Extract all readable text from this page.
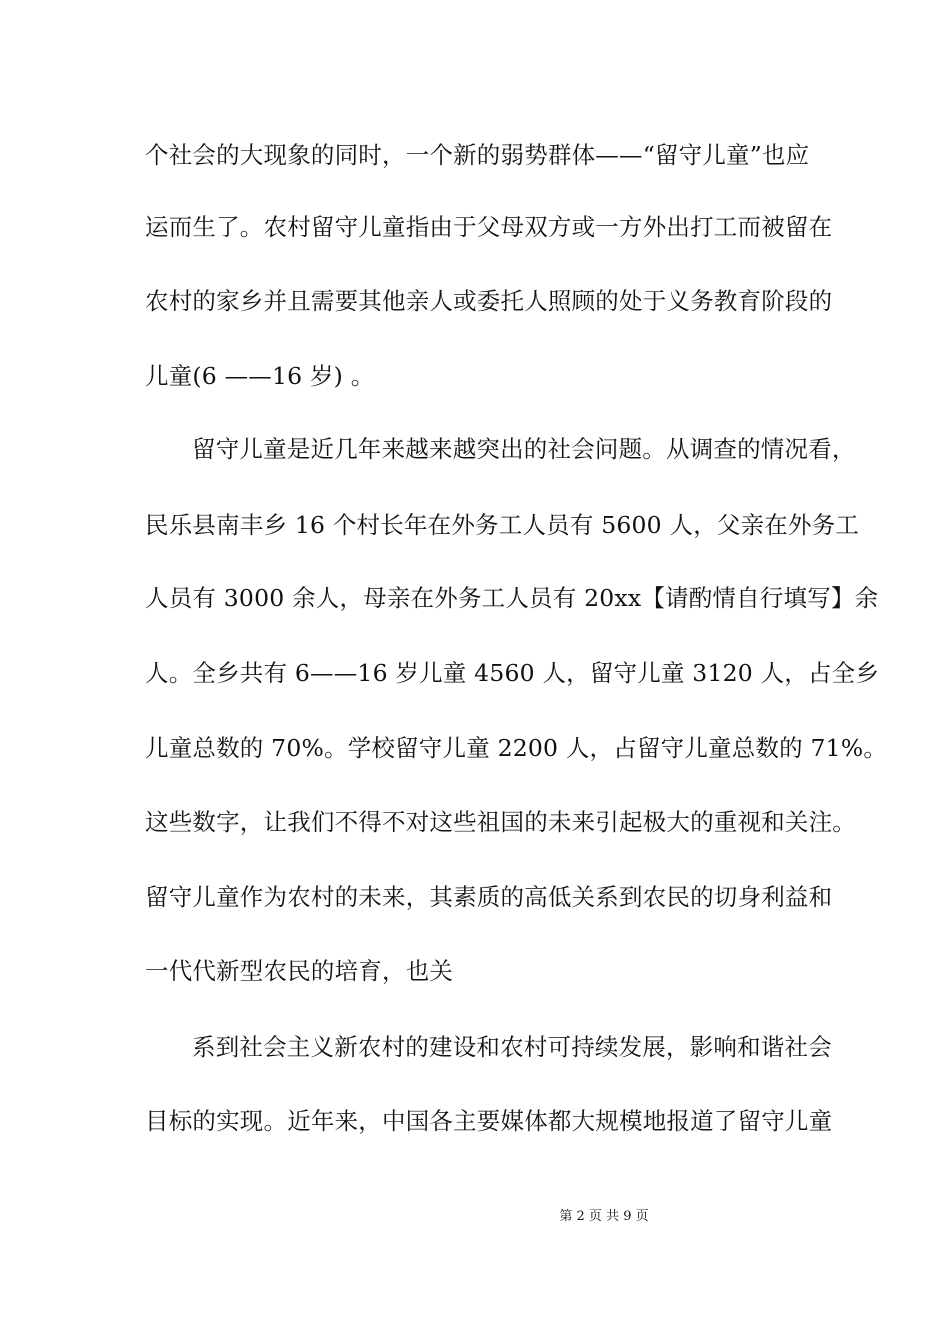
个社会的大现象的同时，一个新的弱势群体——“留守儿童”也应
运而生了。农村留守儿童指由于父母双方或一方外出打工而被留在
农村的家乡并且需要其他亲人或委托人照顾的处于义务教育阶段的
儿童(6 ——16 岁) 。
留守儿童是近几年来越来越突出的社会问题。从调查的情况看，
民乐县南丰乡 16 个村长年在外务工人员有 5600 人，父亲在外务工
人员有 3000 余人，母亲在外务工人员有 20xx【请酌情自行填写】余
人。全乡共有 6——16 岁儿童 4560 人，留守儿童 3120 人，占全乡
儿童总数的 70%。学校留守儿童 2200 人，占留守儿童总数的 71%。
这些数字，让我们不得不对这些祖国的未来引起极大的重视和关注。
留守儿童作为农村的未来，其素质的高低关系到农民的切身利益和
一代代新型农民的培育，也关
系到社会主义新农村的建设和农村可持续发展，影响和谐社会
目标的实现。近年来，中国各主要媒体都大规模地报道了留守儿童
第 2 页 共 9 页
